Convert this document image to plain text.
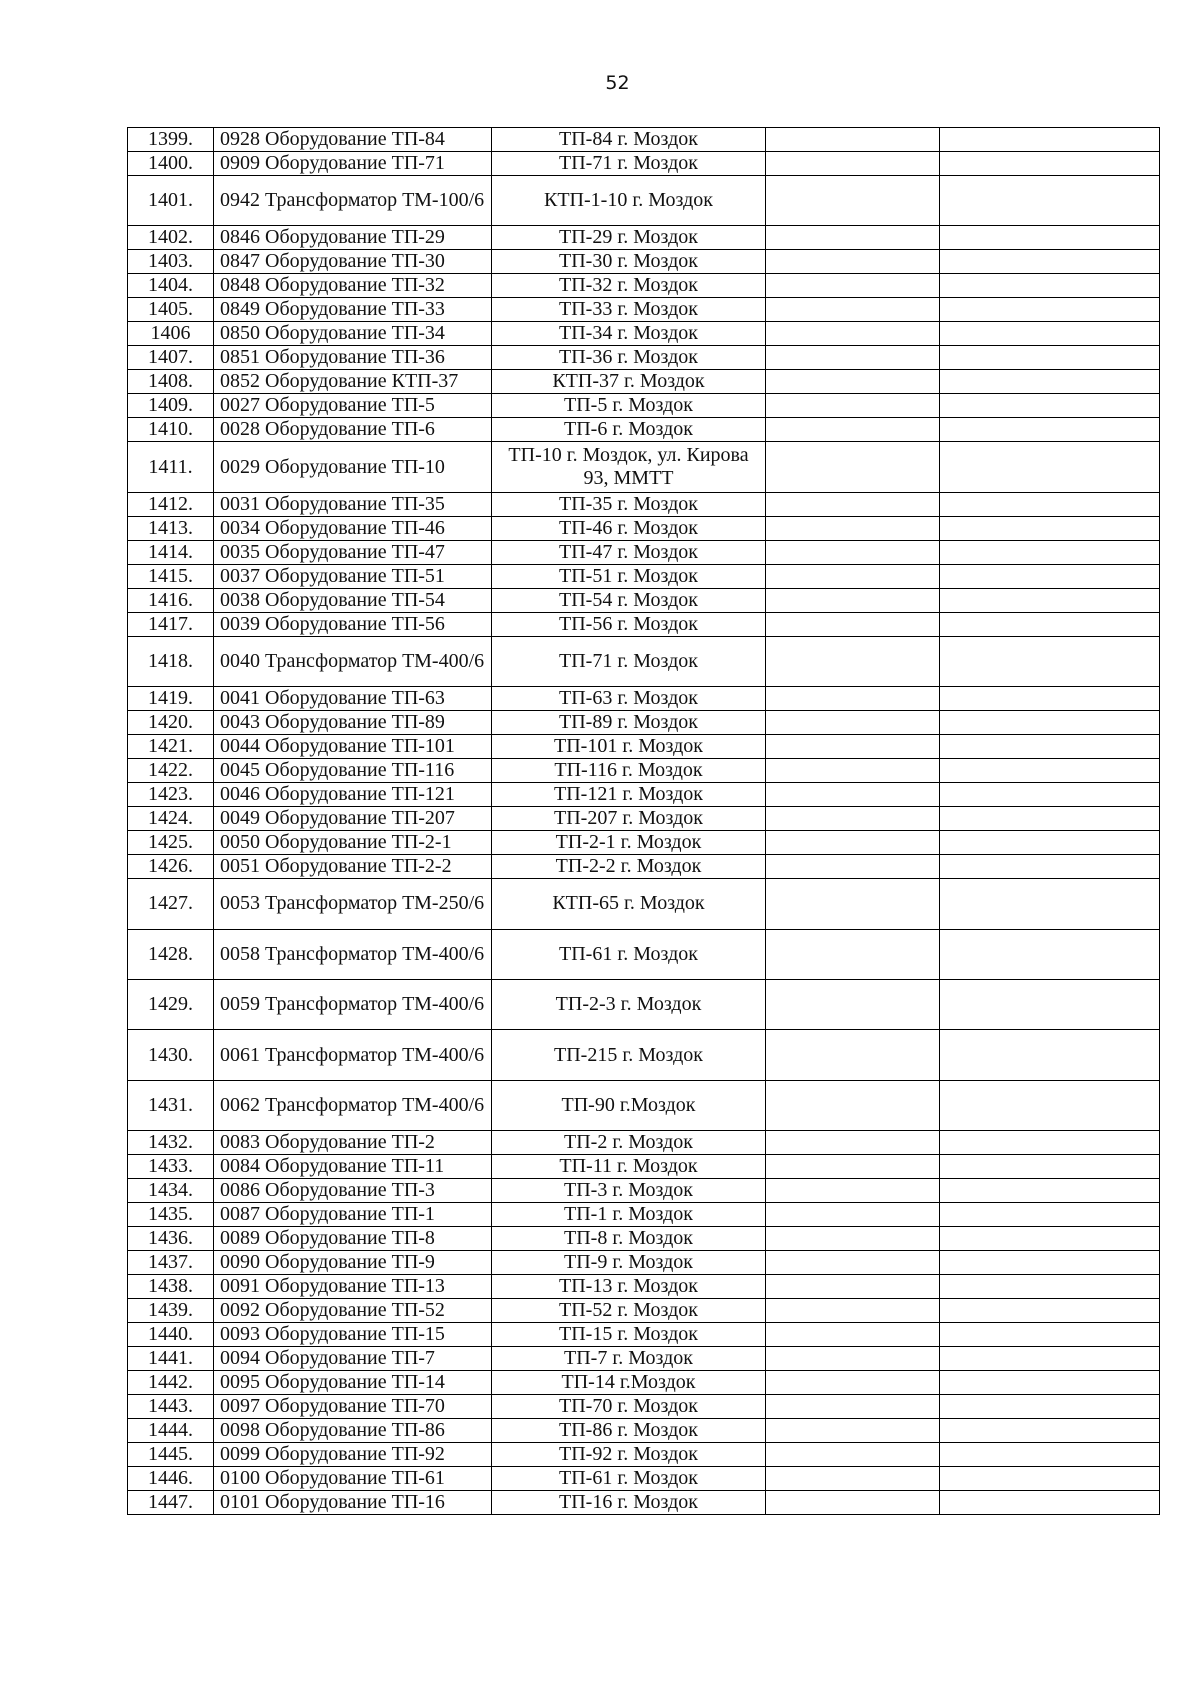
52
1399.	0928 Оборудование ТП-84	ТП-84 г. Моздок		
1400.	0909 Оборудование ТП-71	ТП-71 г. Моздок		
1401.	0942 Трансформатор ТМ-100/6	КТП-1-10 г. Моздок		
1402.	0846 Оборудование ТП-29	ТП-29 г. Моздок		
1403.	0847 Оборудование ТП-30	ТП-30 г. Моздок		
1404.	0848 Оборудование ТП-32	ТП-32 г. Моздок		
1405.	0849 Оборудование ТП-33	ТП-33 г. Моздок		
1406	0850 Оборудование ТП-34	ТП-34 г. Моздок		
1407.	0851 Оборудование ТП-36	ТП-36 г. Моздок		
1408.	0852 Оборудование КТП-37	КТП-37 г. Моздок		
1409.	0027 Оборудование ТП-5	ТП-5 г. Моздок		
1410.	0028 Оборудование ТП-6	ТП-6 г. Моздок		
1411.	0029 Оборудование ТП-10	ТП-10 г. Моздок, ул. Кирова 93, ММТТ		
1412.	0031 Оборудование ТП-35	ТП-35 г. Моздок		
1413.	0034 Оборудование ТП-46	ТП-46 г. Моздок		
1414.	0035 Оборудование ТП-47	ТП-47 г. Моздок		
1415.	0037 Оборудование ТП-51	ТП-51 г. Моздок		
1416.	0038 Оборудование ТП-54	ТП-54 г. Моздок		
1417.	0039 Оборудование ТП-56	ТП-56 г. Моздок		
1418.	0040 Трансформатор ТМ-400/6	ТП-71 г. Моздок		
1419.	0041 Оборудование ТП-63	ТП-63 г. Моздок		
1420.	0043 Оборудование ТП-89	ТП-89 г. Моздок		
1421.	0044 Оборудование ТП-101	ТП-101 г. Моздок		
1422.	0045 Оборудование ТП-116	ТП-116 г. Моздок		
1423.	0046 Оборудование ТП-121	ТП-121 г. Моздок		
1424.	0049 Оборудование ТП-207	ТП-207 г. Моздок		
1425.	0050 Оборудование ТП-2-1	ТП-2-1 г. Моздок		
1426.	0051 Оборудование ТП-2-2	ТП-2-2 г. Моздок		
1427.	0053 Трансформатор ТМ-250/6	КТП-65 г. Моздок		
1428.	0058 Трансформатор ТМ-400/6	ТП-61 г. Моздок		
1429.	0059 Трансформатор ТМ-400/6	ТП-2-3 г. Моздок		
1430.	0061 Трансформатор ТМ-400/6	ТП-215 г. Моздок		
1431.	0062 Трансформатор ТМ-400/6	ТП-90 г.Моздок		
1432.	0083 Оборудование ТП-2	ТП-2 г. Моздок		
1433.	0084 Оборудование ТП-11	ТП-11 г. Моздок		
1434.	0086 Оборудование ТП-3	ТП-3 г. Моздок		
1435.	0087 Оборудование ТП-1	ТП-1 г. Моздок		
1436.	0089 Оборудование ТП-8	ТП-8 г. Моздок		
1437.	0090 Оборудование ТП-9	ТП-9 г. Моздок		
1438.	0091 Оборудование ТП-13	ТП-13 г. Моздок		
1439.	0092 Оборудование ТП-52	ТП-52 г. Моздок		
1440.	0093 Оборудование ТП-15	ТП-15 г. Моздок		
1441.	0094 Оборудование ТП-7	ТП-7 г. Моздок		
1442.	0095 Оборудование ТП-14	ТП-14 г.Моздок		
1443.	0097 Оборудование ТП-70	ТП-70 г. Моздок		
1444.	0098 Оборудование ТП-86	ТП-86 г. Моздок		
1445.	0099 Оборудование ТП-92	ТП-92 г. Моздок		
1446.	0100 Оборудование ТП-61	ТП-61 г. Моздок		
1447.	0101 Оборудование ТП-16	ТП-16 г. Моздок		
